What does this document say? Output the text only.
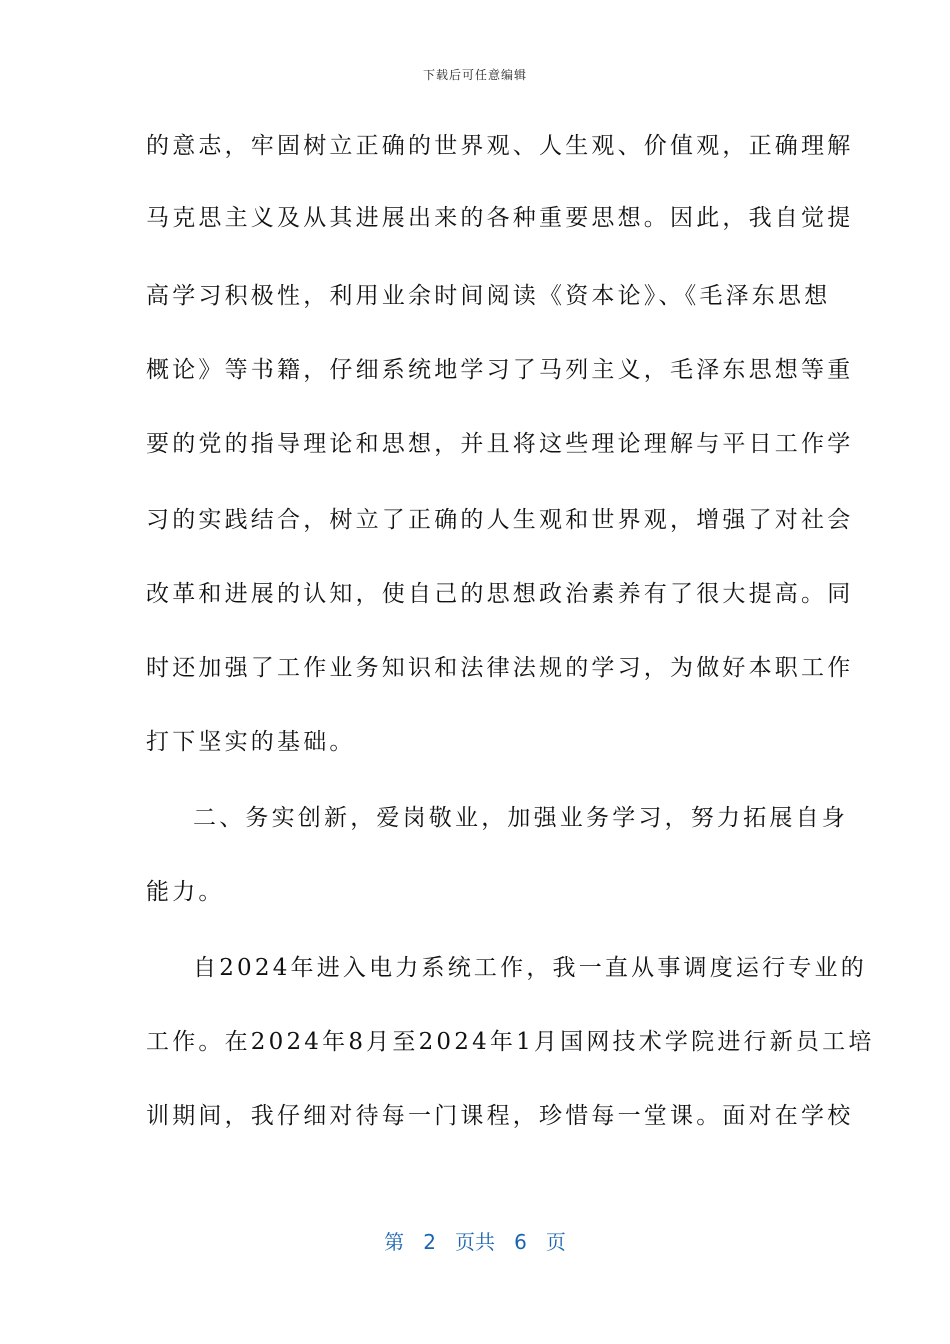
下载后可任意编辑
的意志，牢固树立正确的世界观、人生观、价值观，正确理解
马克思主义及从其进展出来的各种重要思想。因此，我自觉提
高学习积极性，利用业余时间阅读《资本论》、《毛泽东思想
概论》等书籍，仔细系统地学习了马列主义，毛泽东思想等重
要的党的指导理论和思想，并且将这些理论理解与平日工作学
习的实践结合，树立了正确的人生观和世界观，增强了对社会
改革和进展的认知，使自己的思想政治素养有了很大提高。同
时还加强了工作业务知识和法律法规的学习，为做好本职工作
打下坚实的基础。
二、务实创新，爱岗敬业，加强业务学习，努力拓展自身
能力。
自2024年进入电力系统工作，我一直从事调度运行专业的
工作。在2024年8月至2024年1月国网技术学院进行新员工培
训期间，我仔细对待每一门课程，珍惜每一堂课。面对在学校
第 2 页共 6 页
